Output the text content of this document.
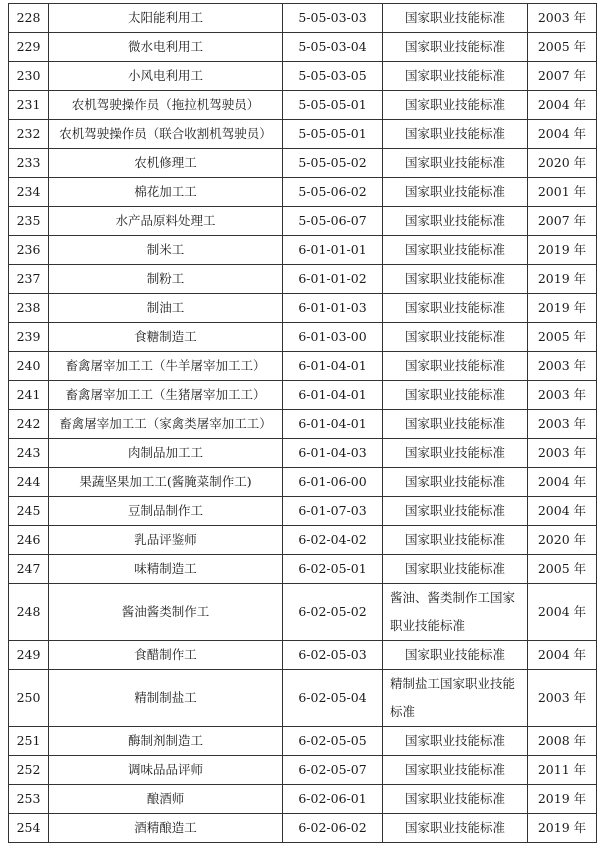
228	太阳能利用工	5-05-03-03	国家职业技能标准	2003 年
229	微水电利用工	5-05-03-04	国家职业技能标准	2005 年
230	小风电利用工	5-05-03-05	国家职业技能标准	2007 年
231	农机驾驶操作员（拖拉机驾驶员）	5-05-05-01	国家职业技能标准	2004 年
232	农机驾驶操作员（联合收割机驾驶员）	5-05-05-01	国家职业技能标准	2004 年
233	农机修理工	5-05-05-02	国家职业技能标准	2020 年
234	棉花加工工	5-05-06-02	国家职业技能标准	2001 年
235	水产品原料处理工	5-05-06-07	国家职业技能标准	2007 年
236	制米工	6-01-01-01	国家职业技能标准	2019 年
237	制粉工	6-01-01-02	国家职业技能标准	2019 年
238	制油工	6-01-01-03	国家职业技能标准	2019 年
239	食糖制造工	6-01-03-00	国家职业技能标准	2005 年
240	畜禽屠宰加工工（牛羊屠宰加工工）	6-01-04-01	国家职业技能标准	2003 年
241	畜禽屠宰加工工（生猪屠宰加工工）	6-01-04-01	国家职业技能标准	2003 年
242	畜禽屠宰加工工（家禽类屠宰加工工）	6-01-04-01	国家职业技能标准	2003 年
243	肉制品加工工	6-01-04-03	国家职业技能标准	2003 年
244	果蔬坚果加工工(酱腌菜制作工)	6-01-06-00	国家职业技能标准	2004 年
245	豆制品制作工	6-01-07-03	国家职业技能标准	2004 年
246	乳品评鉴师	6-02-04-02	国家职业技能标准	2020 年
247	味精制造工	6-02-05-01	国家职业技能标准	2005 年
248	酱油酱类制作工	6-02-05-02	酱油、酱类制作工国家职业技能标准	2004 年
249	食醋制作工	6-02-05-03	国家职业技能标准	2004 年
250	精制制盐工	6-02-05-04	精制盐工国家职业技能标准	2003 年
251	酶制剂制造工	6-02-05-05	国家职业技能标准	2008 年
252	调味品品评师	6-02-05-07	国家职业技能标准	2011 年
253	酿酒师	6-02-06-01	国家职业技能标准	2019 年
254	酒精酿造工	6-02-06-02	国家职业技能标准	2019 年
